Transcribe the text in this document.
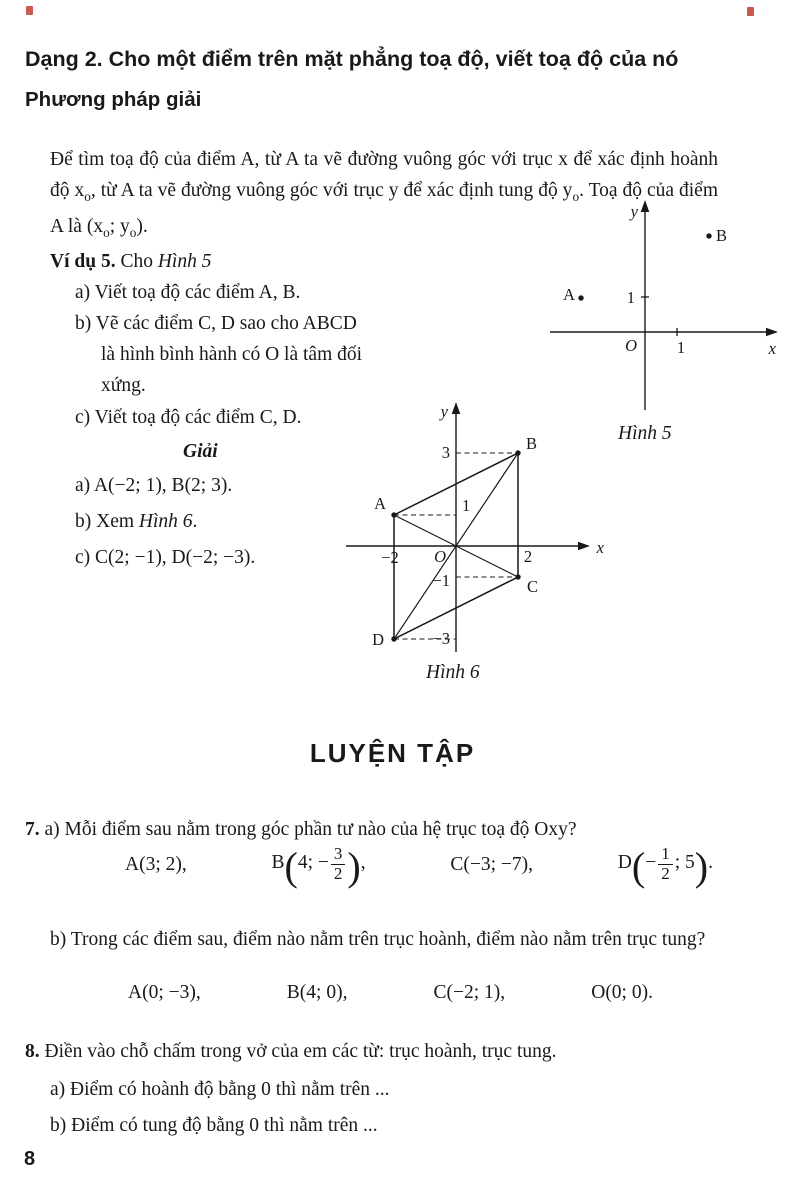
Dạng 2. Cho một điểm trên mặt phẳng toạ độ, viết toạ độ của nó
Phương pháp giải

Để tìm toạ độ của điểm A, từ A ta vẽ đường vuông góc với trục x để xác định hoành độ $x_o$, từ A ta vẽ đường vuông góc với trục y để xác định tung độ $y_o$. Toạ độ của điểm A là ($x_o$; $y_o$).

Ví dụ 5. Cho Hình 5

a) Viết toạ độ các điểm A, B.

b) Vẽ các điểm C, D sao cho ABCD là hình bình hành có O là tâm đối xứng.

c) Viết toạ độ các điểm C, D.

Giải

a) A(−2; 1), B(2; 3).

b) Xem Hình 6.

c) C(2; −1), D(−2; −3).

x
y
O
1
1
A
B
Hình 5
x
y
O
3
1
−1
−3
−2	2
A
B
C
D
Hình 6
LUYỆN TẬP

7. a) Mỗi điểm sau nằm trong góc phần tư nào của hệ trục toạ độ Oxy?

A(3; 2),	B(4; − $\frac{3}{2}$ ),	C(−3; −7),	$D(- \frac{1}{2}$ ; 5).

b) Trong các điểm sau, điểm nào nằm trên trục hoành, điểm nào nằm trên trục tung?

A(0; −3),	B(4; 0),	C(−2; 1),	O(0; 0).

8. Điền vào chỗ chấm trong vở của em các từ: trục hoành, trục tung.

a) Điểm có hoành độ bằng 0 thì nằm trên ...

b) Điểm có tung độ bằng 0 thì nằm trên ...

8
